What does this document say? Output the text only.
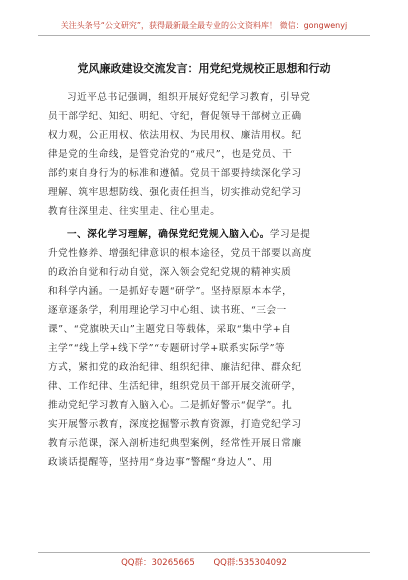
关注头条号“公文研究”，获得最新最全最专业的公文资料库！ 微信：gongwenyj
党风廉政建设交流发言：用党纪党规校正思想和行动
习近平总书记强调，组织开展好党纪学习教育，引导党
员干部学纪、知纪、明纪、守纪，督促领导干部树立正确
权力观，公正用权、依法用权、为民用权、廉洁用权。纪
律是党的生命线，是管党治党的“戒尺”，也是党员、干
部约束自身行为的标准和遵循。党员干部要持续深化学习
理解、筑牢思想防线、强化责任担当，切实推动党纪学习
教育往深里走、往实里走、往心里走。
一、深化学习理解，确保党纪党规入脑入心。学习是提
升党性修养、增强纪律意识的根本途径，党员干部要以高度
的政治自觉和行动自觉，深入领会党纪党规的精神实质
和科学内涵。一是抓好专题“研学”。坚持原原本本学，
逐章逐条学，利用理论学习中心组、读书班、“三会一
课”、“党旗映天山”主题党日等载体，采取“集中学+自
主学”“线上学+线下学”“专题研讨学+联系实际学”等
方式，紧扣党的政治纪律、组织纪律、廉洁纪律、群众纪
律、工作纪律、生活纪律，组织党员干部开展交流研学，
推动党纪学习教育入脑入心。二是抓好警示“促学”。扎
实开展警示教育，深度挖掘警示教育资源，打造党纪学习
教育示范课，深入剖析违纪典型案例，经常性开展日常廉
政谈话提醒等，坚持用“身边事”警醒“身边人”、用
QQ群：30265665 QQ群:535304092
